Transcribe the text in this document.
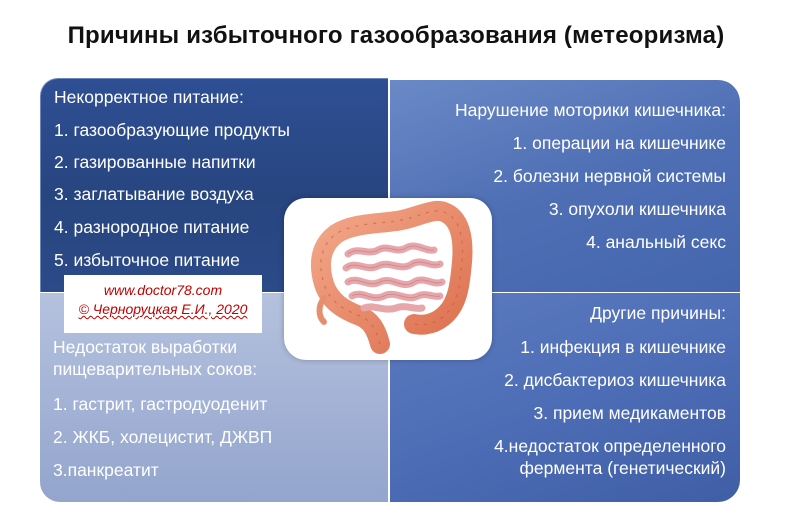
Причины избыточного газообразования (метеоризма)
Некорректное питание:
1. газообразующие продукты
2. газированные напитки
3. заглатывание воздуха
4. разнородное питание
5. избыточное питание
Нарушение моторики кишечника:
1. операции на кишечнике
2. болезни нервной системы
3. опухоли кишечника
4. анальный секс
Недостаток выработки
пищеварительных соков:
1. гастрит, гастродуоденит
2. ЖКБ, холецистит, ДЖВП
3.панкреатит
Другие причины:
1. инфекция в кишечнике
2. дисбактериоз кишечника
3. прием медикаментов
4.недостаток определенного
фермента (генетический)
www.doctor78.com
© Черноруцкая Е.И., 2020
